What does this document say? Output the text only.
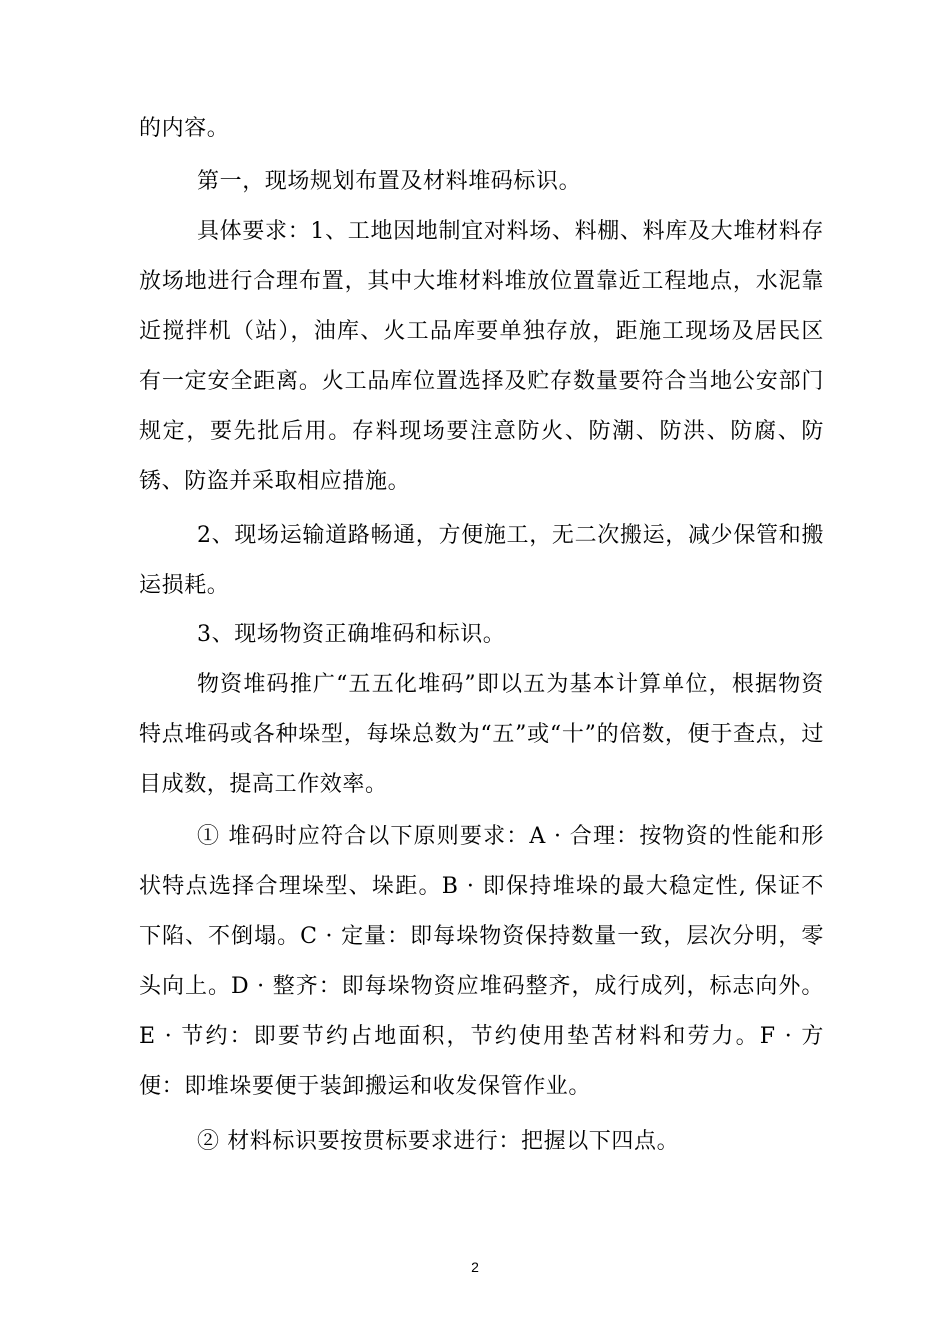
的内容。

第一，现场规划布置及材料堆码标识。

具体要求：1、工地因地制宜对料场、料棚、料库及大堆材料存放场地进行合理布置，其中大堆材料堆放位置靠近工程地点，水泥靠近搅拌机（站），油库、火工品库要单独存放，距施工现场及居民区有一定安全距离。火工品库位置选择及贮存数量要符合当地公安部门规定，要先批后用。存料现场要注意防火、防潮、防洪、防腐、防锈、防盗并采取相应措施。

2、现场运输道路畅通，方便施工，无二次搬运，减少保管和搬运损耗。

3、现场物资正确堆码和标识。

物资堆码推广“五五化堆码”即以五为基本计算单位，根据物资特点堆码或各种垛型，每垛总数为“五”或“十”的倍数，便于查点，过目成数，提高工作效率。

① 堆码时应符合以下原则要求：A · 合理：按物资的性能和形状特点选择合理垛型、垛距。B · 即保持堆垛的最大稳定性, 保证不下陷、不倒塌。C · 定量：即每垛物资保持数量一致，层次分明，零头向上。D · 整齐：即每垛物资应堆码整齐，成行成列，标志向外。E · 节约：即要节约占地面积，节约使用垫苫材料和劳力。F · 方便：即堆垛要便于装卸搬运和收发保管作业。

② 材料标识要按贯标要求进行：把握以下四点。

2
